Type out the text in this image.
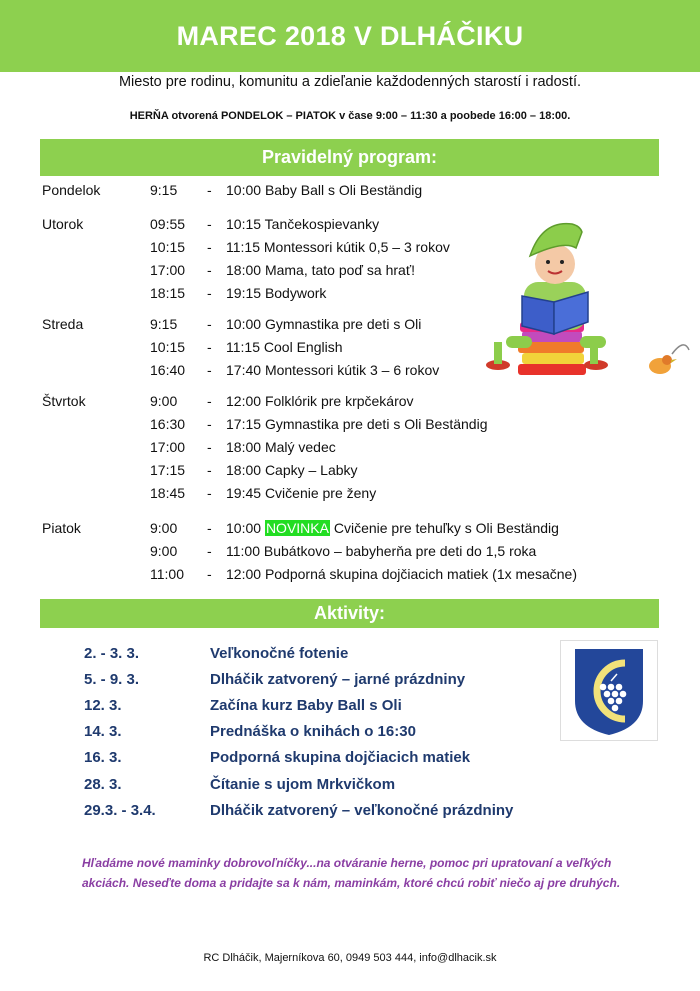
MAREC 2018 V DLHÁČIKU
Miesto pre rodinu, komunitu a zdieľanie každodenných starostí i radostí.
HERŇA otvorená PONDELOK – PIATOK v čase 9:00 – 11:30 a poobede 16:00 – 18:00.
Pravidelný program:
Pondelok	9:15 - 10:00 Baby Ball s Oli Beständig
Utorok	09:55 - 10:15 Tančekospievanky
10:15 - 11:15 Montessori kútik 0,5 – 3 rokov
17:00 - 18:00 Mama, tato poď sa hrať!
18:15 - 19:15 Bodywork
Streda	9:15 - 10:00 Gymnastika pre deti s Oli
10:15 - 11:15 Cool English
16:40 - 17:40 Montessori kútik 3 – 6 rokov
Štvrtok	9:00 - 12:00 Folklórik pre krpčekárov
16:30 - 17:15 Gymnastika pre deti s Oli Beständig
17:00 - 18:00 Malý vedec
17:15 - 18:00 Capky – Labky
18:45 - 19:45 Cvičenie pre ženy
Piatok	9:00 - 10:00 NOVINKA Cvičenie pre tehuľky s Oli Beständig
9:00 - 11:00 Bubátkovo – babyherňa pre deti do 1,5 roka
11:00 - 12:00 Podporná skupina dojčiacich matiek (1x mesačne)
Aktivity:
2. - 3. 3.	Veľkonočné fotenie
5. - 9. 3.	Dlháčik zatvorený – jarné prázdniny
12. 3.	Začína kurz Baby Ball s Oli
14. 3.	Prednáška o knihách o 16:30
16. 3.	Podporná skupina dojčiacich matiek
28. 3.	Čítanie s ujom Mrkvičkom
29.3. - 3.4.	Dlháčik zatvorený – veľkonočné prázdniny
Hľadáme nové maminky dobrovoľníčky...na otváranie herne, pomoc pri upratovaní a veľkých akciách. Neseďte doma a pridajte sa k nám, maminkám, ktoré chcú robiť niečo aj pre druhých.
RC Dlháčik, Majerníkova 60, 0949 503 444, info@dlhacik.sk
